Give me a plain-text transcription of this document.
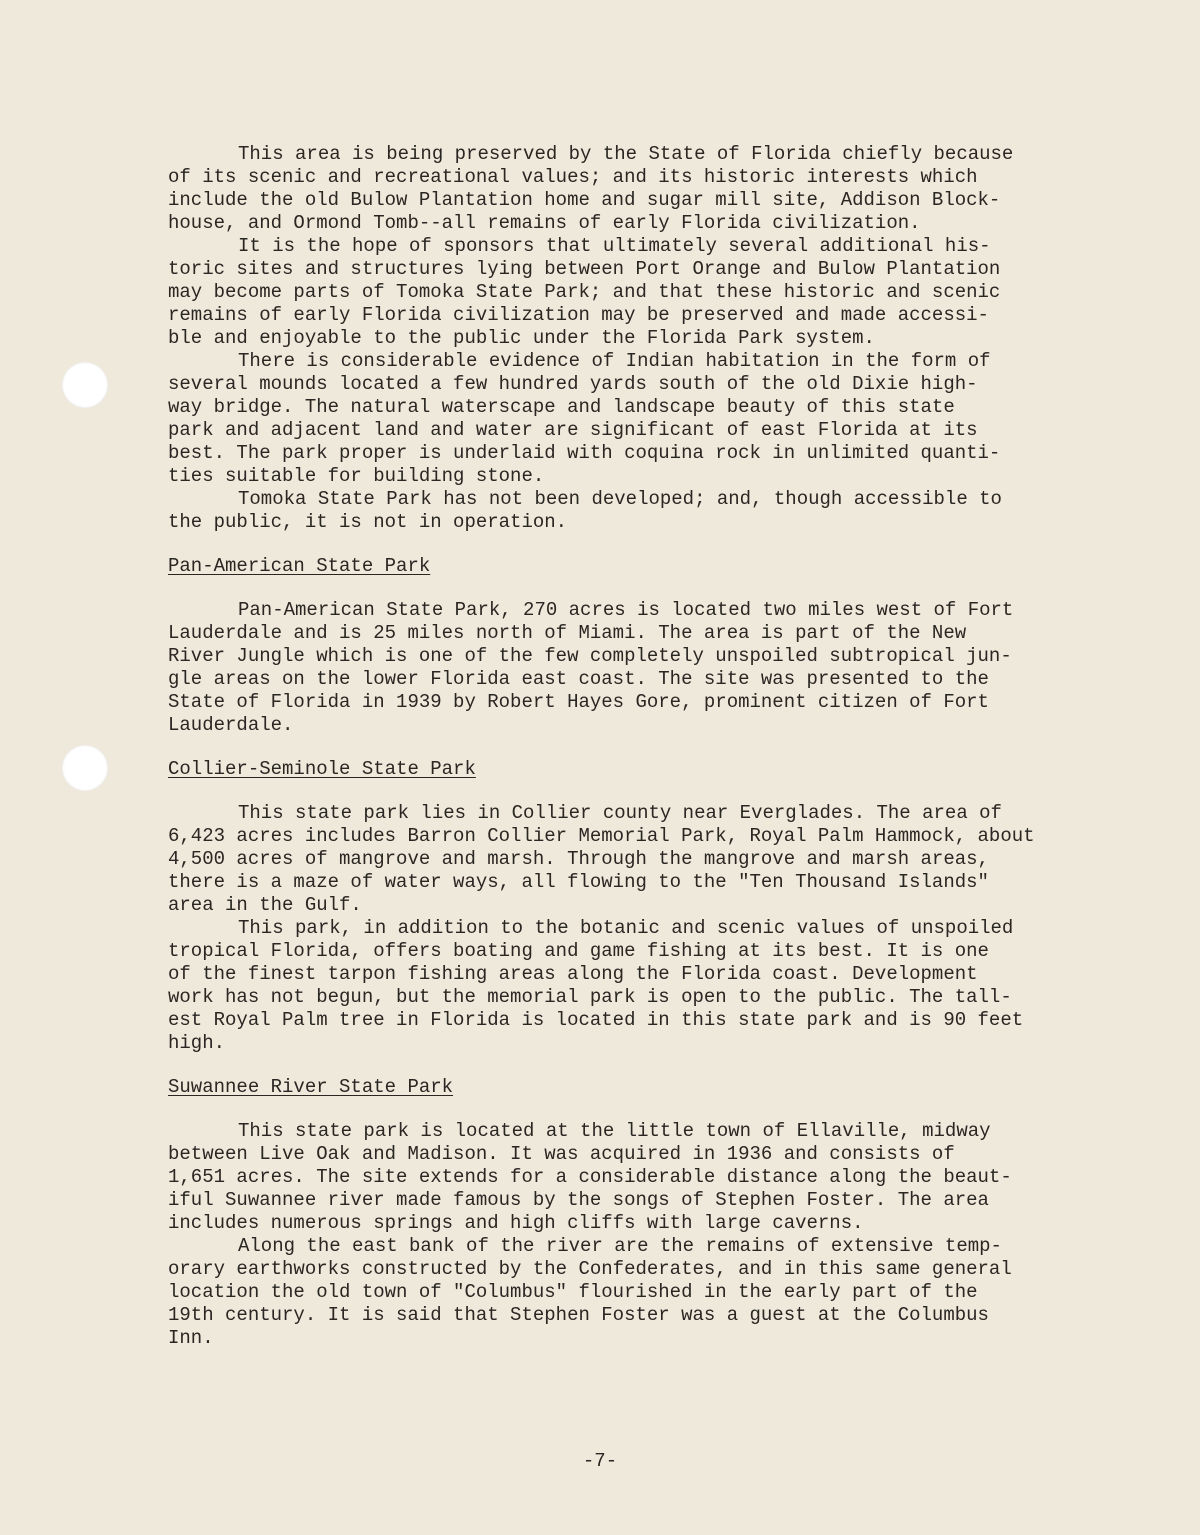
This area is being preserved by the State of Florida chiefly because
of its scenic and recreational values; and its historic interests which
include the old Bulow Plantation home and sugar mill site, Addison Block-
house, and Ormond Tomb--all remains of early Florida civilization.
It is the hope of sponsors that ultimately several additional his-
toric sites and structures lying between Port Orange and Bulow Plantation
may become parts of Tomoka State Park; and that these historic and scenic
remains of early Florida civilization may be preserved and made accessi-
ble and enjoyable to the public under the Florida Park system.
There is considerable evidence of Indian habitation in the form of
several mounds located a few hundred yards south of the old Dixie high-
way bridge. The natural waterscape and landscape beauty of this state
park and adjacent land and water are significant of east Florida at its
best. The park proper is underlaid with coquina rock in unlimited quanti-
ties suitable for building stone.
Tomoka State Park has not been developed; and, though accessible to
the public, it is not in operation.
Pan-American State Park
Pan-American State Park, 270 acres is located two miles west of Fort
Lauderdale and is 25 miles north of Miami. The area is part of the New
River Jungle which is one of the few completely unspoiled subtropical jun-
gle areas on the lower Florida east coast. The site was presented to the
State of Florida in 1939 by Robert Hayes Gore, prominent citizen of Fort
Lauderdale.
Collier-Seminole State Park
This state park lies in Collier county near Everglades. The area of
6,423 acres includes Barron Collier Memorial Park, Royal Palm Hammock, about
4,500 acres of mangrove and marsh. Through the mangrove and marsh areas,
there is a maze of water ways, all flowing to the "Ten Thousand Islands"
area in the Gulf.
This park, in addition to the botanic and scenic values of unspoiled
tropical Florida, offers boating and game fishing at its best. It is one
of the finest tarpon fishing areas along the Florida coast. Development
work has not begun, but the memorial park is open to the public. The tall-
est Royal Palm tree in Florida is located in this state park and is 90 feet
high.
Suwannee River State Park
This state park is located at the little town of Ellaville, midway
between Live Oak and Madison. It was acquired in 1936 and consists of
1,651 acres. The site extends for a considerable distance along the beaut-
iful Suwannee river made famous by the songs of Stephen Foster. The area
includes numerous springs and high cliffs with large caverns.
Along the east bank of the river are the remains of extensive temp-
orary earthworks constructed by the Confederates, and in this same general
location the old town of "Columbus" flourished in the early part of the
19th century. It is said that Stephen Foster was a guest at the Columbus
Inn.
-7-
